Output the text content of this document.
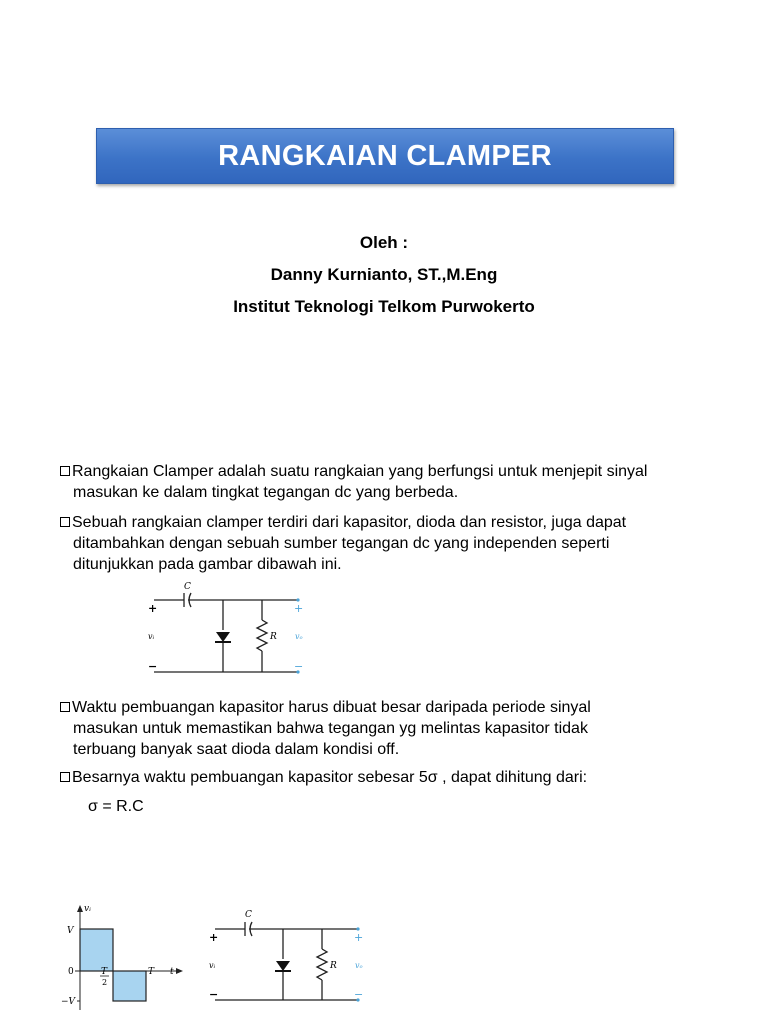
RANGKAIAN CLAMPER
Oleh :
Danny Kurnianto, ST.,M.Eng
Institut Teknologi Telkom Purwokerto
Rangkaian Clamper adalah suatu rangkaian yang berfungsi untuk menjepit sinyal
masukan ke dalam tingkat tegangan dc yang berbeda.
Sebuah rangkaian clamper terdiri dari kapasitor, dioda dan resistor, juga dapat
ditambahkan dengan sebuah sumber tegangan dc yang independen seperti
ditunjukkan pada gambar dibawah ini.
C
R
vᵢ	vₒ
+
−
+
−
Waktu pembuangan kapasitor harus dibuat besar daripada periode sinyal
masukan untuk memastikan bahwa tegangan yg melintas kapasitor tidak
terbuang banyak saat dioda dalam kondisi off.
Besarnya waktu pembuangan kapasitor sebesar 5σ , dapat dihitung dari:
σ = R.C
vᵢ
t
V
−V
0	T
2
T
C
R
vᵢ	vₒ
+
−
+
−
